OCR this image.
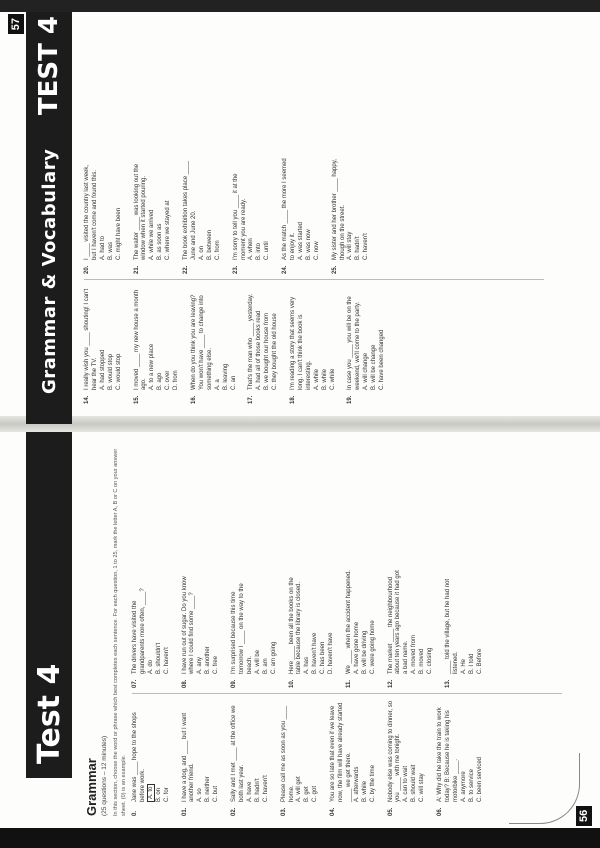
Test 4
Grammar (25 questions – 12 minutes) In this section, choose the word or phrase which best completes each sentence. For each question, 1 to 25, mark the letter A, B or C on your answer sheet. (0) is an example. 0.
Jane was ____ hope to the shops before work. A. to B. on C. for
01.
I have a dog, and ____ but I want another friend. A. so B. neither C. but
02.
Sally and I met ____ at the office we both last year. A. have B. hadn't C. haven't
03.
Please call me as soon as you ____ home. A. will get B. get C. got
04.
You are so late that even if we leave now, the film will have already started ____ we get there. A. afterwards B. while C. by the time
05.
Nobody else was coming to dinner, so you ____ with me tonight. A. can to wait B. should wait C. will stay
06.
A: Why did he take the train to work today? B: Because he is taking his motorbike ____. A. anymore B. to service C. been serviced
07.
The drivers have visited the grandparents more often, ____? A. do B. shouldn't C. haven't
08.
I have run out of sugar. Do you know where I could find some ____? A. any B. another C. free
09.
I'm surprised because this time tomorrow I ____ on the way to the beach. A. will be B. am C. am going
10.
Here ____ been all the books on the table because the library is closed. A. has B. haven't have C. has been D. haven't have
11.
We ____ when the accident happened. A. have gone home B. will be driving C. were going home
12.
The market ____ the neighbourhood about ten years ago because it had got a bad name. A. moved from B. moved C. closing
13.
____ told the village, but he had not listened. A. He B. I told C. Before
56
Grammar & Vocabulary
TEST 4
14.
I really wish you ____ shouting! I can't hear the TV. A. had stopped B. would stop C. would stop
15.
I moved ____ my new house a month ago. A. to a new place B. ago C. over D. from
16.
When do you think you are leaving? You won't have ____ to change into something else. A. a B. leaving C. an
17.
That's the man who ____ yesterday. A. had all of those books read B. we bought our house from C. they bought the old house
18.
I'm reading a story that seems very long. I can't think the book is interesting. A. while B. while C. while
19.
In case you ____ you will be on the weekend, we'll come to the party. A. will change B. will be change C. have been changed
20.
I ____ visited the country last week, but I haven't come and found this. A. had to B. was C. might have been
21.
The waiter ____ was looking out the window when it started pouring. A. while we arrived B. as soon as C. where we stayed at
22.
The book exhibition takes place ____ June and June 20. A. on B. between C. from
23.
I'm sorry to tell you ____ it at the moment you are ready. A. when B. into C. until
24.
As the match ____ the more I seemed to enjoy it. A. was started B. was now C. now
25.
My sister and her brother ____ happy, though on the street. A. will stay B. hadn't C. haven't
57
